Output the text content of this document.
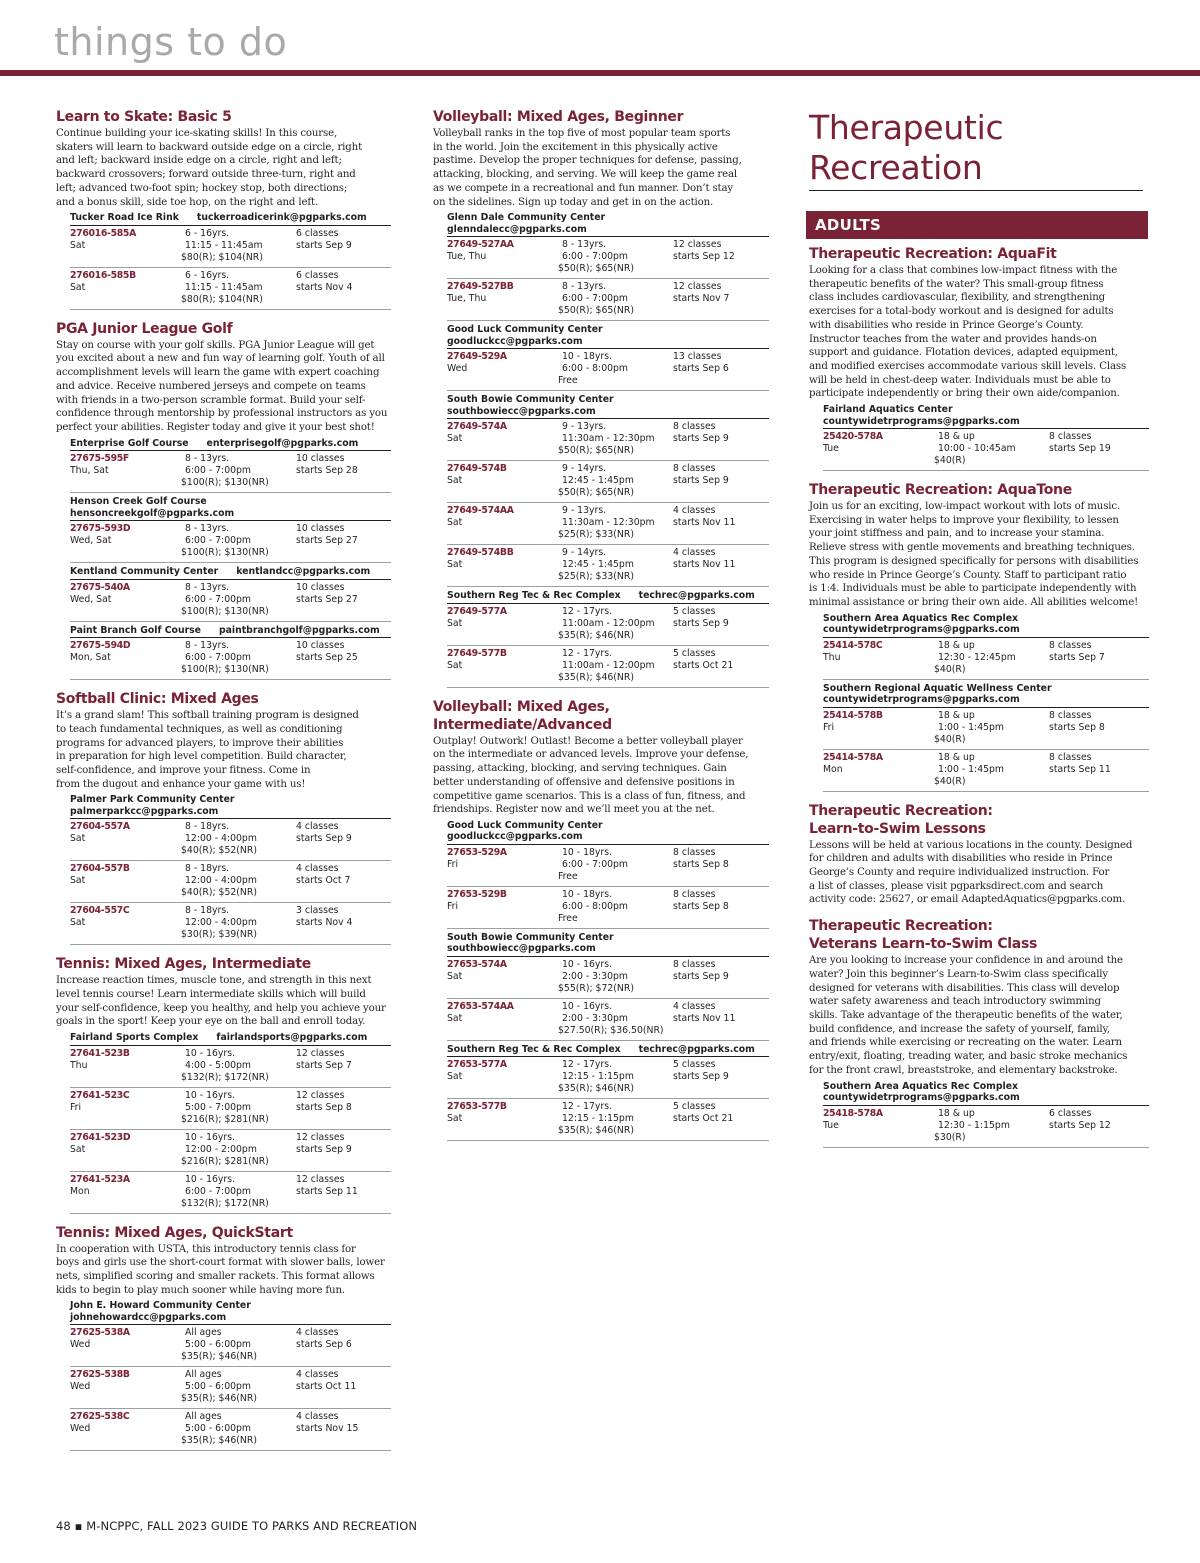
things to do
Learn to Skate: Basic 5
Continue building your ice-skating skills! In this course,
skaters will learn to backward outside edge on a circle, right
and left; backward inside edge on a circle, right and left;
backward crossovers; forward outside three-turn, right and
left; advanced two-foot spin; hockey stop, both directions;
and a bonus skill, side toe hop, on the right and left.
Tucker Road Ice Rink tuckerroadicerink@pgparks.com
276016-585A
Sat
6 - 16yrs.
11:15 - 11:45am
$80(R); $104(NR)
6 classes
starts Sep 9
276016-585B
Sat
6 - 16yrs.
11:15 - 11:45am
$80(R); $104(NR)
6 classes
starts Nov 4
PGA Junior League Golf
Stay on course with your golf skills. PGA Junior League will get
you excited about a new and fun way of learning golf. Youth of all
accomplishment levels will learn the game with expert coaching
and advice. Receive numbered jerseys and compete on teams
with friends in a two-person scramble format. Build your self-
confidence through mentorship by professional instructors as you
perfect your abilities. Register today and give it your best shot!
Enterprise Golf Course enterprisegolf@pgparks.com
27675-595F
Thu, Sat
8 - 13yrs.
6:00 - 7:00pm
$100(R); $130(NR)
10 classes
starts Sep 28
Henson Creek Golf Course
hensoncreekgolf@pgparks.com
27675-593D
Wed, Sat
8 - 13yrs.
6:00 - 7:00pm
$100(R); $130(NR)
10 classes
starts Sep 27
Kentland Community Center kentlandcc@pgparks.com
27675-540A
Wed, Sat
8 - 13yrs.
6:00 - 7:00pm
$100(R); $130(NR)
10 classes
starts Sep 27
Paint Branch Golf Course paintbranchgolf@pgparks.com
27675-594D
Mon, Sat
8 - 13yrs.
6:00 - 7:00pm
$100(R); $130(NR)
10 classes
starts Sep 25
Softball Clinic: Mixed Ages
It’s a grand slam! This softball training program is designed
to teach fundamental techniques, as well as conditioning
programs for advanced players, to improve their abilities
in preparation for high level competition. Build character,
self-confidence, and improve your fitness. Come in
from the dugout and enhance your game with us!
Palmer Park Community Center
palmerparkcc@pgparks.com
27604-557A
Sat
8 - 18yrs.
12:00 - 4:00pm
$40(R); $52(NR)
4 classes
starts Sep 9
27604-557B
Sat
8 - 18yrs.
12:00 - 4:00pm
$40(R); $52(NR)
4 classes
starts Oct 7
27604-557C
Sat
8 - 18yrs.
12:00 - 4:00pm
$30(R); $39(NR)
3 classes
starts Nov 4
Tennis: Mixed Ages, Intermediate
Increase reaction times, muscle tone, and strength in this next
level tennis course! Learn intermediate skills which will build
your self-confidence, keep you healthy, and help you achieve your
goals in the sport! Keep your eye on the ball and enroll today.
Fairland Sports Complex fairlandsports@pgparks.com
27641-523B
Thu
10 - 16yrs.
4:00 - 5:00pm
$132(R); $172(NR)
12 classes
starts Sep 7
27641-523C
Fri
10 - 16yrs.
5:00 - 7:00pm
$216(R); $281(NR)
12 classes
starts Sep 8
27641-523D
Sat
10 - 16yrs.
12:00 - 2:00pm
$216(R); $281(NR)
12 classes
starts Sep 9
27641-523A
Mon
10 - 16yrs.
6:00 - 7:00pm
$132(R); $172(NR)
12 classes
starts Sep 11
Tennis: Mixed Ages, QuickStart
In cooperation with USTA, this introductory tennis class for
boys and girls use the short-court format with slower balls, lower
nets, simplified scoring and smaller rackets. This format allows
kids to begin to play much sooner while having more fun.
John E. Howard Community Center
johnehowardcc@pgparks.com
27625-538A
Wed
All ages
5:00 - 6:00pm
$35(R); $46(NR)
4 classes
starts Sep 6
27625-538B
Wed
All ages
5:00 - 6:00pm
$35(R); $46(NR)
4 classes
starts Oct 11
27625-538C
Wed
All ages
5:00 - 6:00pm
$35(R); $46(NR)
4 classes
starts Nov 15
Volleyball: Mixed Ages, Beginner
Volleyball ranks in the top five of most popular team sports
in the world. Join the excitement in this physically active
pastime. Develop the proper techniques for defense, passing,
attacking, blocking, and serving. We will keep the game real
as we compete in a recreational and fun manner. Don’t stay
on the sidelines. Sign up today and get in on the action.
Glenn Dale Community Center
glenndalecc@pgparks.com
27649-527AA
Tue, Thu
8 - 13yrs.
6:00 - 7:00pm
$50(R); $65(NR)
12 classes
starts Sep 12
27649-527BB
Tue, Thu
8 - 13yrs.
6:00 - 7:00pm
$50(R); $65(NR)
12 classes
starts Nov 7
Good Luck Community Center
goodluckcc@pgparks.com
27649-529A
Wed
10 - 18yrs.
6:00 - 8:00pm
Free
13 classes
starts Sep 6
South Bowie Community Center
southbowiecc@pgparks.com
27649-574A
Sat
9 - 13yrs.
11:30am - 12:30pm
$50(R); $65(NR)
8 classes
starts Sep 9
27649-574B
Sat
9 - 14yrs.
12:45 - 1:45pm
$50(R); $65(NR)
8 classes
starts Sep 9
27649-574AA
Sat
9 - 13yrs.
11:30am - 12:30pm
$25(R); $33(NR)
4 classes
starts Nov 11
27649-574BB
Sat
9 - 14yrs.
12:45 - 1:45pm
$25(R); $33(NR)
4 classes
starts Nov 11
Southern Reg Tec & Rec Complex techrec@pgparks.com
27649-577A
Sat
12 - 17yrs.
11:00am - 12:00pm
$35(R); $46(NR)
5 classes
starts Sep 9
27649-577B
Sat
12 - 17yrs.
11:00am - 12:00pm
$35(R); $46(NR)
5 classes
starts Oct 21
Volleyball: Mixed Ages,
Intermediate/Advanced
Outplay! Outwork! Outlast! Become a better volleyball player
on the intermediate or advanced levels. Improve your defense,
passing, attacking, blocking, and serving techniques. Gain
better understanding of offensive and defensive positions in
competitive game scenarios. This is a class of fun, fitness, and
friendships. Register now and we’ll meet you at the net.
Good Luck Community Center
goodluckcc@pgparks.com
27653-529A
Fri
10 - 18yrs.
6:00 - 7:00pm
Free
8 classes
starts Sep 8
27653-529B
Fri
10 - 18yrs.
6:00 - 8:00pm
Free
8 classes
starts Sep 8
South Bowie Community Center
southbowiecc@pgparks.com
27653-574A
Sat
10 - 16yrs.
2:00 - 3:30pm
$55(R); $72(NR)
8 classes
starts Sep 9
27653-574AA
Sat
10 - 16yrs.
2:00 - 3:30pm
$27.50(R); $36.50(NR)
4 classes
starts Nov 11
Southern Reg Tec & Rec Complex techrec@pgparks.com
27653-577A
Sat
12 - 17yrs.
12:15 - 1:15pm
$35(R); $46(NR)
5 classes
starts Sep 9
27653-577B
Sat
12 - 17yrs.
12:15 - 1:15pm
$35(R); $46(NR)
5 classes
starts Oct 21
Therapeutic
Recreation
ADULTS
Therapeutic Recreation: AquaFit
Looking for a class that combines low-impact fitness with the
therapeutic benefits of the water? This small-group fitness
class includes cardiovascular, flexibility, and strengthening
exercises for a total-body workout and is designed for adults
with disabilities who reside in Prince George’s County.
Instructor teaches from the water and provides hands-on
support and guidance. Flotation devices, adapted equipment,
and modified exercises accommodate various skill levels. Class
will be held in chest-deep water. Individuals must be able to
participate independently or bring their own aide/companion.
Fairland Aquatics Center
countywidetrprograms@pgparks.com
25420-578A
Tue
18 & up
10:00 - 10:45am
$40(R)
8 classes
starts Sep 19
Therapeutic Recreation: AquaTone
Join us for an exciting, low-impact workout with lots of music.
Exercising in water helps to improve your flexibility, to lessen
your joint stiffness and pain, and to increase your stamina.
Relieve stress with gentle movements and breathing techniques.
This program is designed specifically for persons with disabilities
who reside in Prince George’s County. Staff to participant ratio
is 1:4. Individuals must be able to participate independently with
minimal assistance or bring their own aide. All abilities welcome!
Southern Area Aquatics Rec Complex
countywidetrprograms@pgparks.com
25414-578C
Thu
18 & up
12:30 - 12:45pm
$40(R)
8 classes
starts Sep 7
Southern Regional Aquatic Wellness Center
countywidetrprograms@pgparks.com
25414-578B
Fri
18 & up
1:00 - 1:45pm
$40(R)
8 classes
starts Sep 8
25414-578A
Mon
18 & up
1:00 - 1:45pm
$40(R)
8 classes
starts Sep 11
Therapeutic Recreation:
Learn-to-Swim Lessons
Lessons will be held at various locations in the county. Designed
for children and adults with disabilities who reside in Prince
George’s County and require individualized instruction. For
a list of classes, please visit pgparksdirect.com and search
activity code: 25627, or email AdaptedAquatics@pgparks.com.
Therapeutic Recreation:
Veterans Learn-to-Swim Class
Are you looking to increase your confidence in and around the
water? Join this beginner’s Learn-to-Swim class specifically
designed for veterans with disabilities. This class will develop
water safety awareness and teach introductory swimming
skills. Take advantage of the therapeutic benefits of the water,
build confidence, and increase the safety of yourself, family,
and friends while exercising or recreating on the water. Learn
entry/exit, floating, treading water, and basic stroke mechanics
for the front crawl, breaststroke, and elementary backstroke.
Southern Area Aquatics Rec Complex
countywidetrprograms@pgparks.com
25418-578A
Tue
18 & up
12:30 - 1:15pm
$30(R)
6 classes
starts Sep 12
48 ▪ M-NCPPC, FALL 2023 GUIDE TO PARKS AND RECREATION
